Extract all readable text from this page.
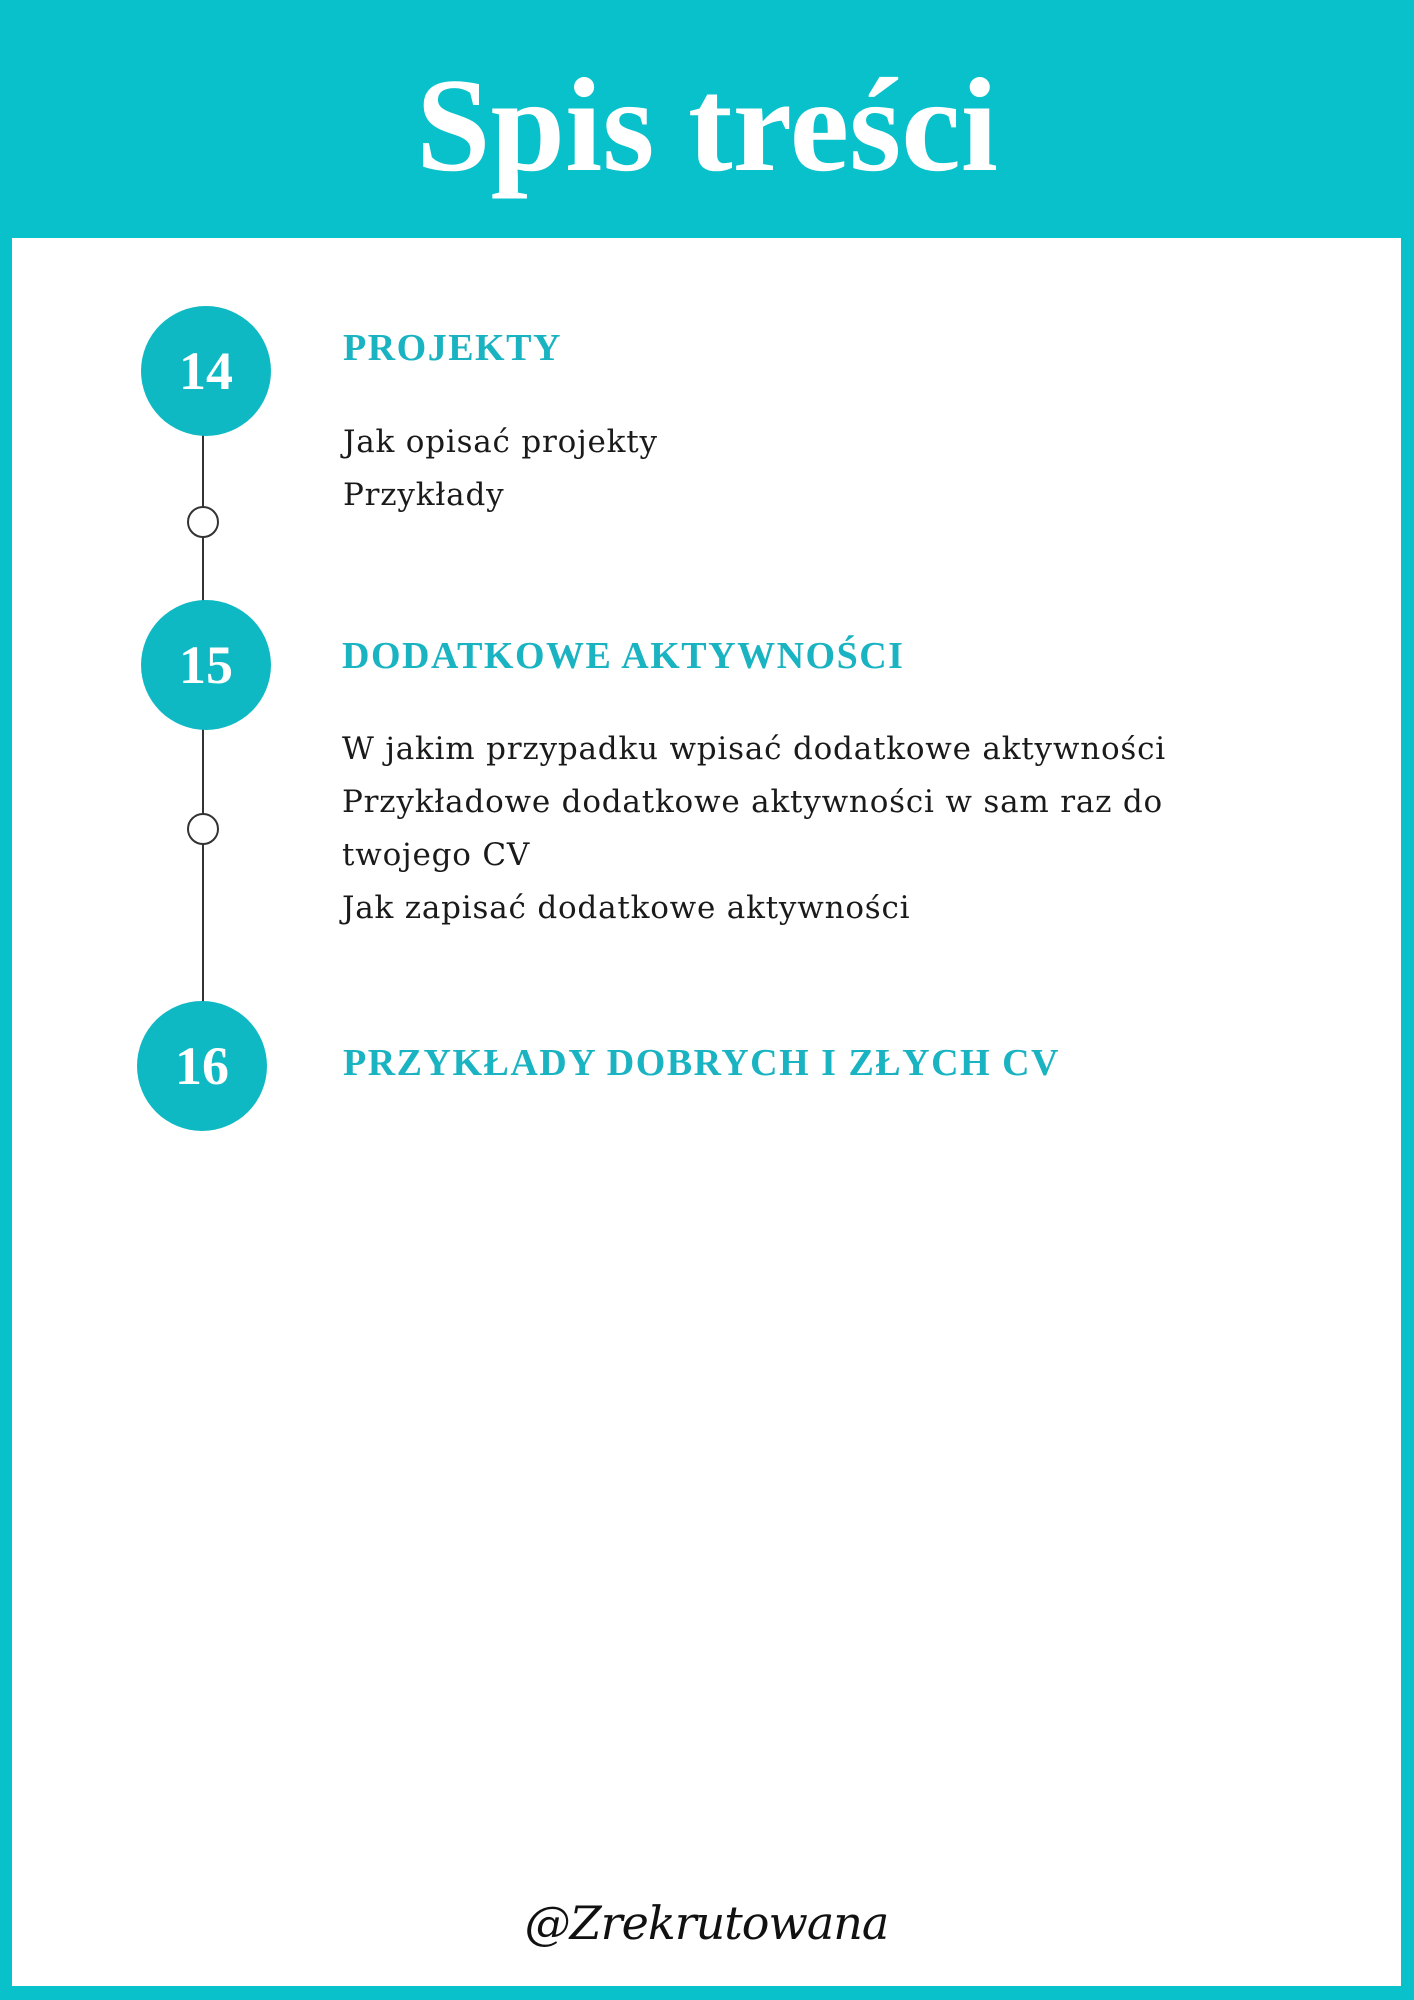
Spis treści
14	PROJEKTY
Jak opisać projekty
Przykłady
15	DODATKOWE AKTYWNOŚCI
W jakim przypadku wpisać dodatkowe aktywności
Przykładowe dodatkowe aktywności w sam raz do
twojego CV
Jak zapisać dodatkowe aktywności
16	PRZYKŁADY DOBRYCH I ZŁYCH CV
@Zrekrutowana
